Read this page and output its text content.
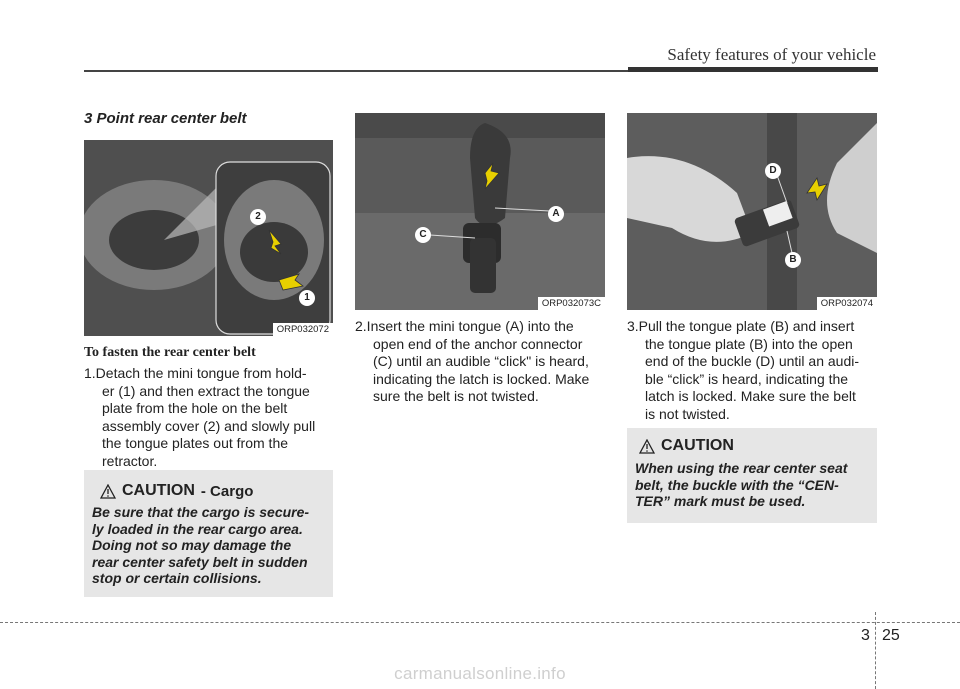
Safety features of your vehicle
3 Point rear center belt
2
1
ORP032072
A
C
ORP032073C
D
B
ORP032074
To fasten the rear center belt

1.Detach the mini tongue from hold-

er (1) and then extract the tongue

plate from the hole on the belt

assembly cover (2) and slowly pull

the tongue plates out from the

retractor.

2.Insert the mini tongue (A) into the

open end of the anchor connector

(C) until an audible “click" is heard,

indicating the latch is locked. Make

sure the belt is not twisted.

3.Pull the tongue plate (B) and insert

the tongue plate (B) into the open

end of the buckle (D) until an audi-

ble “click” is heard, indicating the

latch is locked. Make sure the belt

is not twisted.

CAUTION - Cargo

Be sure that the cargo is secure-

ly loaded in the rear cargo area.

Doing not so may damage the

rear center safety belt in sudden

stop or certain collisions.

CAUTION

When using the rear center seat

belt, the buckle with the “CEN-

TER” mark must be used.

3 25
carmanualsonline.info
